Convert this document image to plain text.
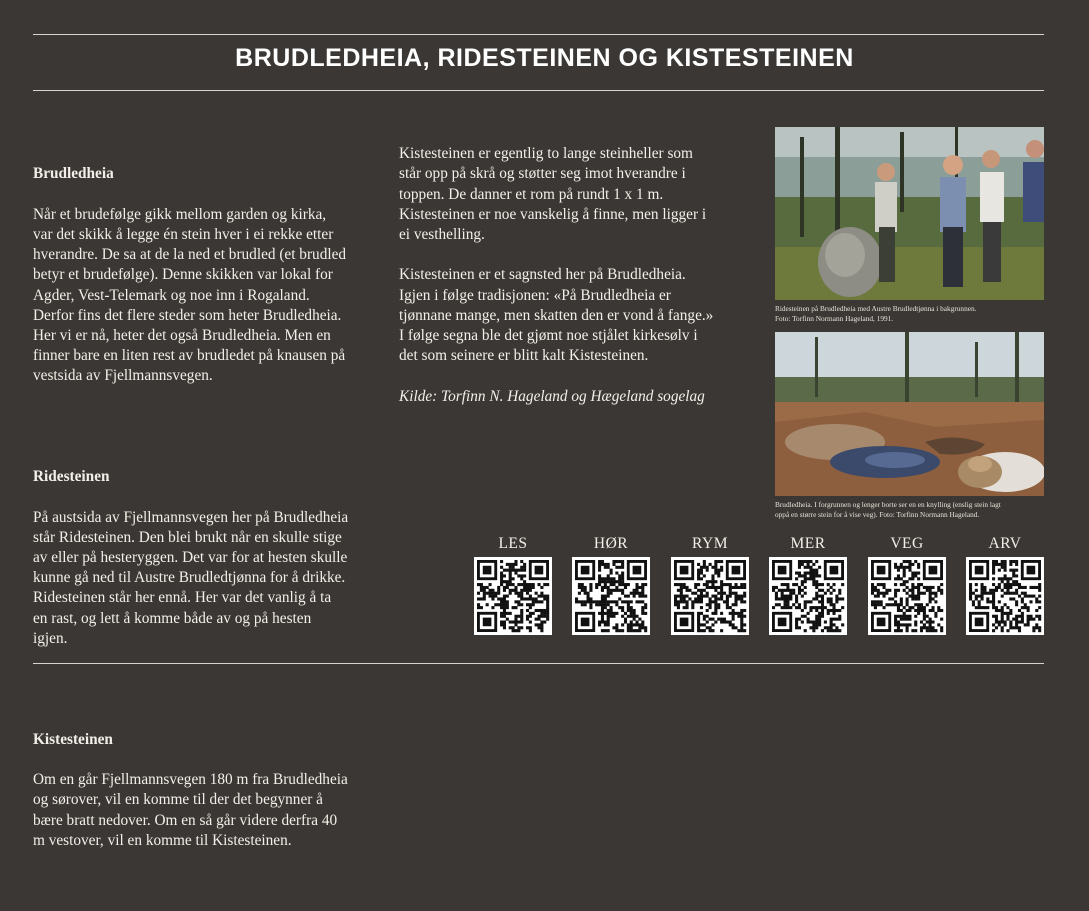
BRUDLEDHEIA, RIDESTEINEN OG KISTESTEINEN

Brudledheia

Når et brudefølge gikk mellom garden og kirka,
var det skikk å legge én stein hver i ei rekke etter
hverandre. De sa at de la ned et brudled (et brudled
betyr et brudefølge). Denne skikken var lokal for
Agder, Vest-Telemark og noe inn i Rogaland.
Derfor fins det flere steder som heter Brudledheia.
Her vi er nå, heter det også Brudledheia. Men en
finner bare en liten rest av brudledet på knausen på
vestsida av Fjellmannsvegen.

Ridesteinen

På austsida av Fjellmannsvegen her på Brudledheia
står Ridesteinen. Den blei brukt når en skulle stige
av eller på hesteryggen. Det var for at hesten skulle
kunne gå ned til Austre Brudledtjønna for å drikke.
Ridesteinen står her ennå. Her var det vanlig å ta
en rast, og lett å komme både av og på hesten
igjen.

Kistesteinen

Om en går Fjellmannsvegen 180 m fra Brudledheia
og sørover, vil en komme til der det begynner å
bære bratt nedover. Om en så går videre derfra 40
m vestover, vil en komme til Kistesteinen.

Kistesteinen er egentlig to lange steinheller som
står opp på skrå og støtter seg imot hverandre i
toppen. De danner et rom på rundt 1 x 1 m.
Kistesteinen er noe vanskelig å finne, men ligger i
ei vesthelling.

Kistesteinen er et sagnsted her på Brudledheia.
Igjen i følge tradisjonen: «På Brudledheia er
tjønnane mange, men skatten den er vond å fange.»
I følge segna ble det gjømt noe stjålet kirkesølv i
det som seinere er blitt kalt Kistesteinen.

Kilde: Torfinn N. Hageland og Hægeland sogelag

Ridesteinen på Brudledheia med Austre Brudledtjønna i bakgrunnen.
Foto: Torfinn Normann Hageland, 1991.
Brudledheia. I forgrunnen og lenger borte ser en en knylling (enslig stein lagt
oppå en større stein for å vise veg). Foto: Torfinn Normann Hageland.
LES	HØR	RYM	MER	VEG	ARV
